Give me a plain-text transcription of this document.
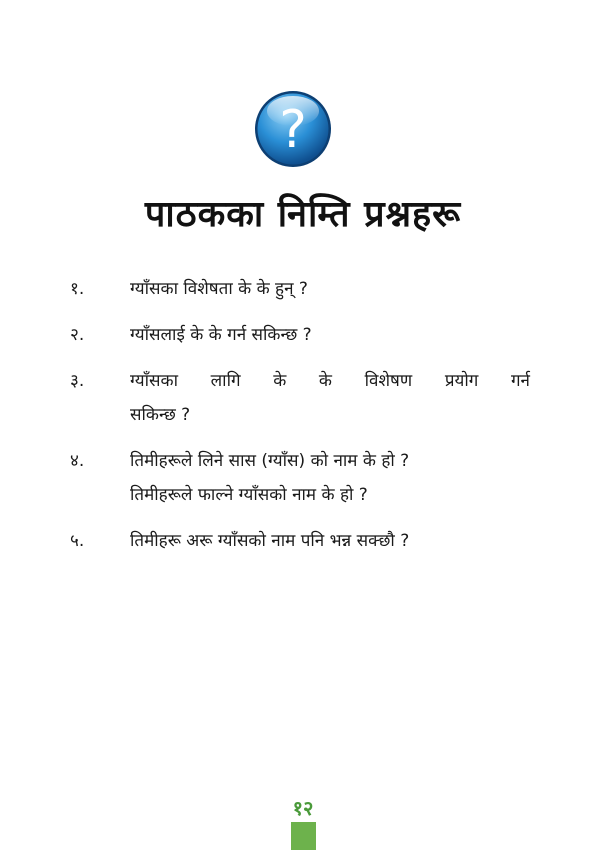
?
पाठकका निम्ति प्रश्नहरू
१.	ग्याँसका विशेषता के के हुन् ?
२.	ग्याँसलाई के के गर्न सकिन्छ ?
३.	ग्याँसका लागि के के विशेषण प्रयोग गर्न
सकिन्छ ?
४.	तिमीहरूले लिने सास (ग्याँस) को नाम के हो ?
तिमीहरूले फाल्ने ग्याँसको नाम के हो ?
५.	तिमीहरू अरू ग्याँसको नाम पनि भन्न सक्छौ ?
१२
